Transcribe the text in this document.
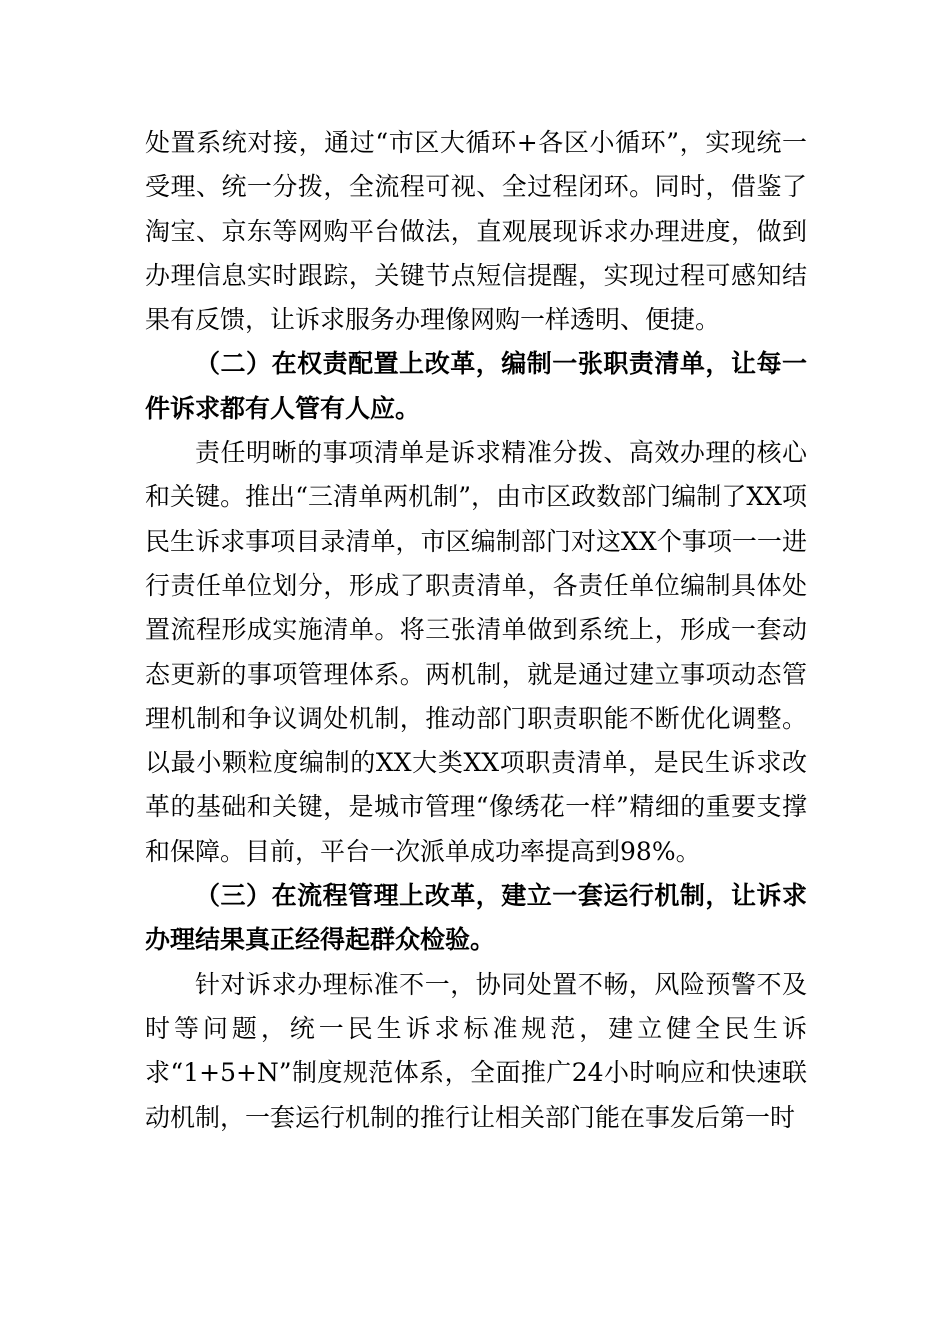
处置系统对接，通过“市区大循环+各区小循环”，实现统一受理、统一分拨，全流程可视、全过程闭环。同时，借鉴了淘宝、京东等网购平台做法，直观展现诉求办理进度，做到办理信息实时跟踪，关键节点短信提醒，实现过程可感知结果有反馈，让诉求服务办理像网购一样透明、便捷。

（二）在权责配置上改革，编制一张职责清单，让每一件诉求都有人管有人应。

责任明晰的事项清单是诉求精准分拨、高效办理的核心和关键。推出“三清单两机制”，由市区政数部门编制了XX项民生诉求事项目录清单，市区编制部门对这XX个事项一一进行责任单位划分，形成了职责清单，各责任单位编制具体处置流程形成实施清单。将三张清单做到系统上，形成一套动态更新的事项管理体系。两机制，就是通过建立事项动态管理机制和争议调处机制，推动部门职责职能不断优化调整。以最小颗粒度编制的XX大类XX项职责清单，是民生诉求改革的基础和关键，是城市管理“像绣花一样”精细的重要支撑和保障。目前，平台一次派单成功率提高到98%。

（三）在流程管理上改革，建立一套运行机制，让诉求办理结果真正经得起群众检验。

针对诉求办理标准不一，协同处置不畅，风险预警不及时等问题，统一民生诉求标准规范，建立健全民生诉求“1+5+N”制度规范体系，全面推广24小时响应和快速联动机制，一套运行机制的推行让相关部门能在事发后第一时
